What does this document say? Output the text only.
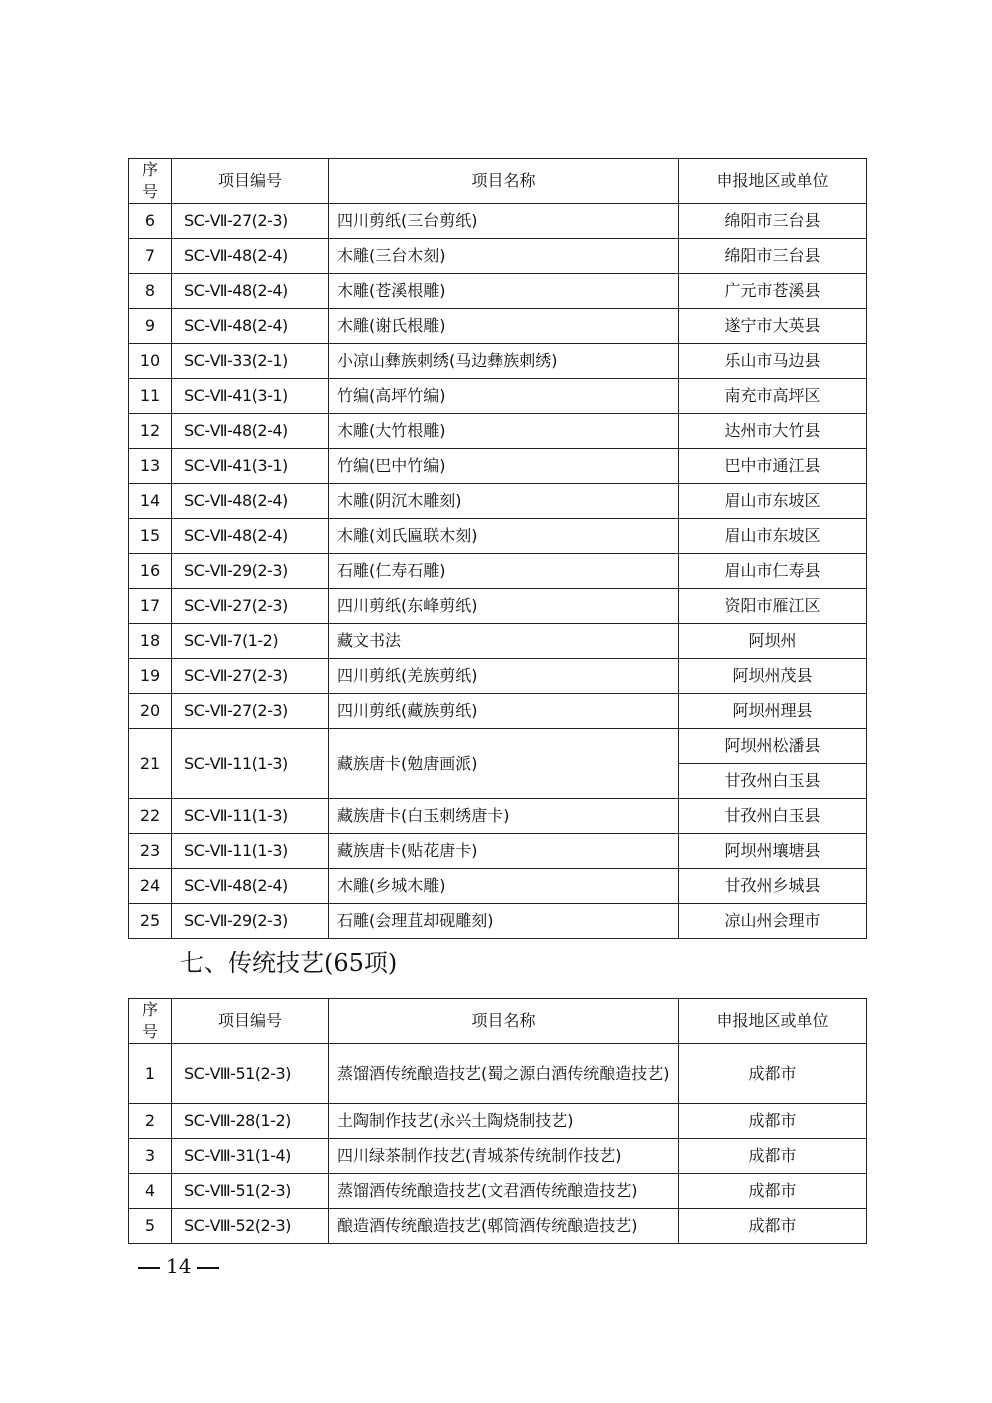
序号	项目编号	项目名称	申报地区或单位
6	SC-Ⅶ-27(2-3)	四川剪纸(三台剪纸)	绵阳市三台县
7	SC-Ⅶ-48(2-4)	木雕(三台木刻)	绵阳市三台县
8	SC-Ⅶ-48(2-4)	木雕(苍溪根雕)	广元市苍溪县
9	SC-Ⅶ-48(2-4)	木雕(谢氏根雕)	遂宁市大英县
10	SC-Ⅶ-33(2-1)	小凉山彝族刺绣(马边彝族刺绣)	乐山市马边县
11	SC-Ⅶ-41(3-1)	竹编(高坪竹编)	南充市高坪区
12	SC-Ⅶ-48(2-4)	木雕(大竹根雕)	达州市大竹县
13	SC-Ⅶ-41(3-1)	竹编(巴中竹编)	巴中市通江县
14	SC-Ⅶ-48(2-4)	木雕(阴沉木雕刻)	眉山市东坡区
15	SC-Ⅶ-48(2-4)	木雕(刘氏匾联木刻)	眉山市东坡区
16	SC-Ⅶ-29(2-3)	石雕(仁寿石雕)	眉山市仁寿县
17	SC-Ⅶ-27(2-3)	四川剪纸(东峰剪纸)	资阳市雁江区
18	SC-Ⅶ-7(1-2)	藏文书法	阿坝州
19	SC-Ⅶ-27(2-3)	四川剪纸(羌族剪纸)	阿坝州茂县
20	SC-Ⅶ-27(2-3)	四川剪纸(藏族剪纸)	阿坝州理县
21	SC-Ⅶ-11(1-3)	藏族唐卡(勉唐画派)	阿坝州松潘县
			甘孜州白玉县
22	SC-Ⅶ-11(1-3)	藏族唐卡(白玉刺绣唐卡)	甘孜州白玉县
23	SC-Ⅶ-11(1-3)	藏族唐卡(贴花唐卡)	阿坝州壤塘县
24	SC-Ⅶ-48(2-4)	木雕(乡城木雕)	甘孜州乡城县
25	SC-Ⅶ-29(2-3)	石雕(会理苴却砚雕刻)	凉山州会理市
七、传统技艺(65项)
序号	项目编号	项目名称	申报地区或单位
1	SC-Ⅷ-51(2-3)	蒸馏酒传统酿造技艺(蜀之源白酒传统酿造技艺)	成都市
2	SC-Ⅷ-28(1-2)	土陶制作技艺(永兴土陶烧制技艺)	成都市
3	SC-Ⅷ-31(1-4)	四川绿茶制作技艺(青城茶传统制作技艺)	成都市
4	SC-Ⅷ-51(2-3)	蒸馏酒传统酿造技艺(文君酒传统酿造技艺)	成都市
5	SC-Ⅷ-52(2-3)	酿造酒传统酿造技艺(郫筒酒传统酿造技艺)	成都市
14
